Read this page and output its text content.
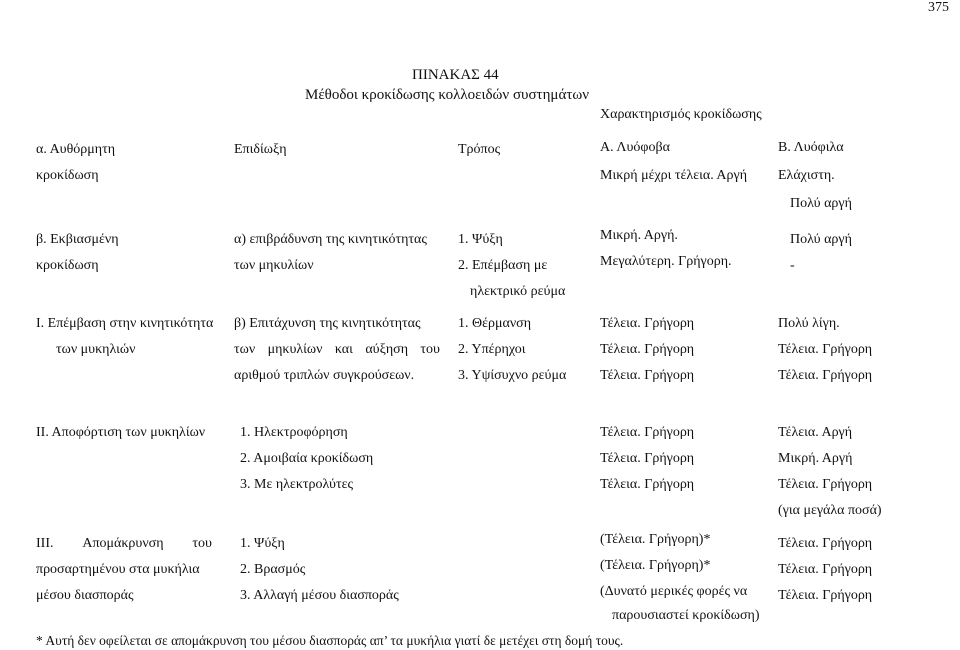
375
ΠΙΝΑΚΑΣ 44
Μέθοδοι κροκίδωσης κολλοειδών συστημάτων
Χαρακτηρισμός κροκίδωσης
α. Αυθόρμητη
κροκίδωση
Επιδίωξη	Τρόπος	Α. Λυόφοβα
Μικρή μέχρι τέλεια. Αργή
Β. Λυόφιλα
Ελάχιστη.
Πολύ αργή
β. Εκβιασμένη
κροκίδωση
α) επιβράδυνση της κινητικότητας
των μηκυλίων
1. Ψύξη
2. Επέμβαση με
ηλεκτρικό ρεύμα
Μικρή. Αργή.
Μεγαλύτερη. Γρήγορη.
Πολύ αργή
-
Ι. Επέμβαση στην κινητικότητα
των μυκηλιών
β) Επιτάχυνση της κινητικότητας
των μηκυλίων και αύξηση του
αριθμού τριπλών συγκρούσεων.
1. Θέρμανση
2. Υπέρηχοι
3. Υψίσυχνο ρεύμα
Τέλεια. Γρήγορη
Τέλεια. Γρήγορη
Τέλεια. Γρήγορη
Πολύ λίγη.
Τέλεια. Γρήγορη
Τέλεια. Γρήγορη
ΙΙ. Αποφόρτιση των μυκηλίων 1. Ηλεκτροφόρηση
2. Αμοιβαία κροκίδωση
3. Με ηλεκτρολύτες
Τέλεια. Γρήγορη
Τέλεια. Γρήγορη
Τέλεια. Γρήγορη
Τέλεια. Αργή
Μικρή. Αργή
Τέλεια. Γρήγορη
(για μεγάλα ποσά)
ΙΙΙ. Απομάκρυνση του
προσαρτημένου στα μυκήλια
μέσου διασποράς
1. Ψύξη
2. Βρασμός
3. Αλλαγή μέσου διασποράς
(Τέλεια. Γρήγορη)*
(Τέλεια. Γρήγορη)*
(Δυνατό μερικές φορές να
παρουσιαστεί κροκίδωση)
Τέλεια. Γρήγορη
Τέλεια. Γρήγορη
Τέλεια. Γρήγορη
* Αυτή δεν οφείλεται σε απομάκρυνση του μέσου διασποράς απ’ τα μυκήλια γιατί δε μετέχει στη δομή τους.
